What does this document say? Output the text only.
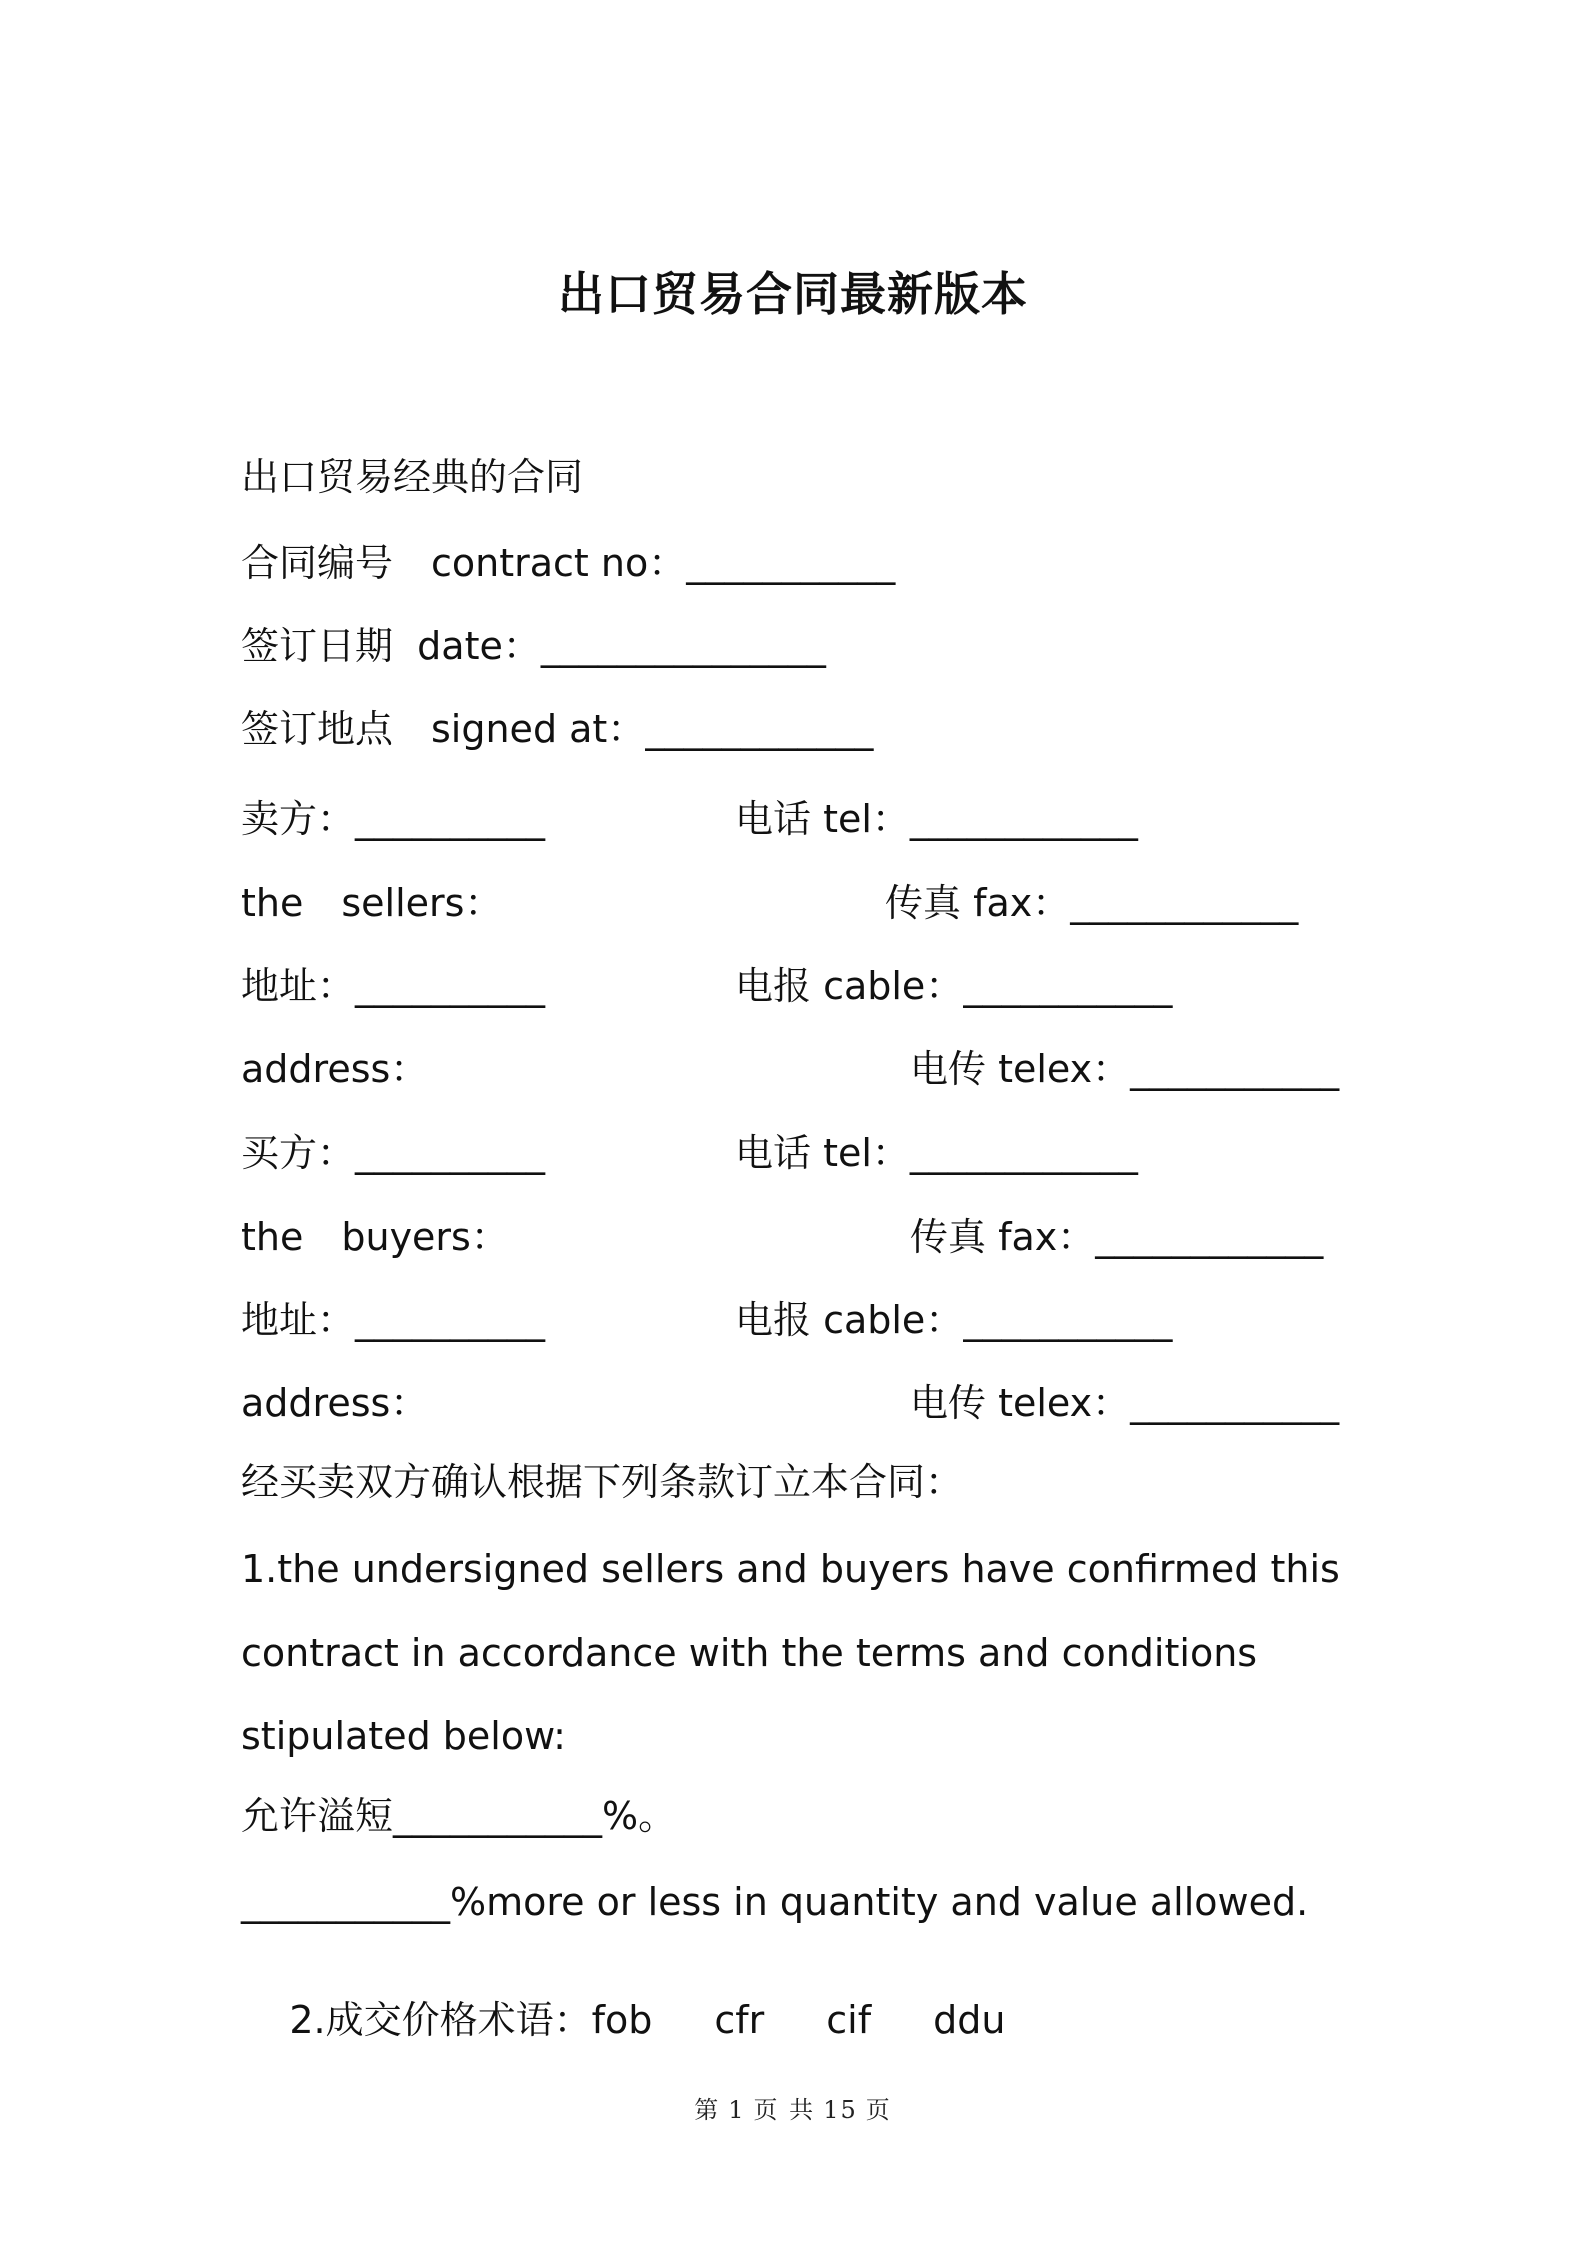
出口贸易合同最新版本
出口贸易经典的合同
合同编号　contract no：___________
签订日期  date：_______________
签订地点　signed at：____________
卖方：__________	电话 tel：____________
the　sellers：	传真 fax：____________
地址：__________	电报 cable：___________
address：	电传 telex：___________
买方：__________	电话 tel：____________
the　buyers：	传真 fax：____________
地址：__________	电报 cable：___________
address：	电传 telex：___________
经买卖双方确认根据下列条款订立本合同：
1.the undersigned sellers and buyers have confirmed this
contract in accordance with the terms and conditions
stipulated below:
允许溢短___________%。
___________%more or less in quantity and value allowed.

2.成交价格术语：fob cfr cif ddu

第 1 页 共 15 页
